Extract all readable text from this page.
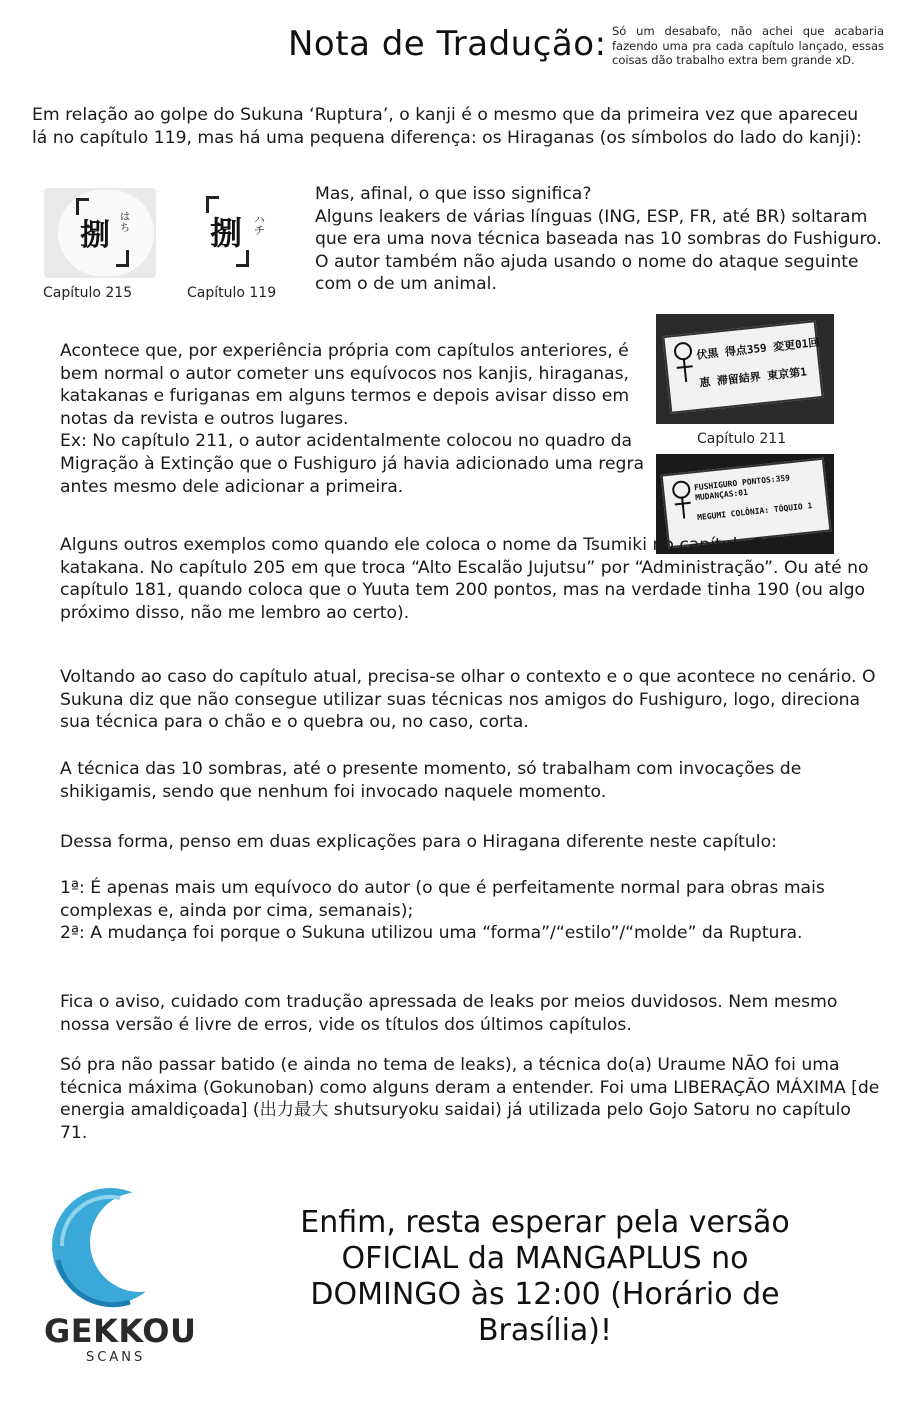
Nota de Tradução: Só um desabafo, não achei que acabaria fazendo uma pra cada capítulo lançado, essas coisas dão trabalho extra bem grande xD.
Em relação ao golpe do Sukuna ‘Ruptura’, o kanji é o mesmo que da primeira vez que apareceu lá no capítulo 119, mas há uma pequena diferença: os Hiraganas (os símbolos do lado do kanji):
捌
はち
Capítulo 215
捌 ハチ
Capítulo 119
Mas, afinal, o que isso significa?
Alguns leakers de várias línguas (ING, ESP, FR, até BR) soltaram que era uma nova técnica baseada nas 10 sombras do Fushiguro. O autor também não ajuda usando o nome do ataque seguinte com o de um animal.
伏黒 得点359 変更01回
恵 滞留結界 東京第1
Capítulo 211
FUSHIGURO PONTOS:359 MUDANÇAS:01
MEGUMI COLÔNIA: TÓQUIO 1
Acontece que, por experiência própria com capítulos anteriores, é bem normal o autor cometer uns equívocos nos kanjis, hiraganas, katakanas e furiganas em alguns termos e depois avisar disso em notas da revista e outros lugares.
Ex: No capítulo 211, o autor acidentalmente colocou no quadro da Migração à Extinção que o Fushiguro já havia adicionado uma regra antes mesmo dele adicionar a primeira.
Alguns outros exemplos como quando ele coloca o nome da Tsumiki no capítulo 212 em katakana. No capítulo 205 em que troca “Alto Escalão Jujutsu” por “Administração”. Ou até no capítulo 181, quando coloca que o Yuuta tem 200 pontos, mas na verdade tinha 190 (ou algo próximo disso, não me lembro ao certo).
Voltando ao caso do capítulo atual, precisa-se olhar o contexto e o que acontece no cenário. O Sukuna diz que não consegue utilizar suas técnicas nos amigos do Fushiguro, logo, direciona sua técnica para o chão e o quebra ou, no caso, corta.
A técnica das 10 sombras, até o presente momento, só trabalham com invocações de shikigamis, sendo que nenhum foi invocado naquele momento.
Dessa forma, penso em duas explicações para o Hiragana diferente neste capítulo:
1ª: É apenas mais um equívoco do autor (o que é perfeitamente normal para obras mais complexas e, ainda por cima, semanais);
2ª: A mudança foi porque o Sukuna utilizou uma “forma”/“estilo”/“molde” da Ruptura.
Fica o aviso, cuidado com tradução apressada de leaks por meios duvidosos. Nem mesmo nossa versão é livre de erros, vide os títulos dos últimos capítulos.
Só pra não passar batido (e ainda no tema de leaks), a técnica do(a) Uraume NÃO foi uma técnica máxima (Gokunoban) como alguns deram a entender. Foi uma LIBERAÇÃO MÁXIMA [de energia amaldiçoada] (出力最大 shutsuryoku saidai) já utilizada pelo Gojo Satoru no capítulo 71.
GEKKOU
SCANS
Enfim, resta esperar pela versão OFICIAL da MANGAPLUS no DOMINGO às 12:00 (Horário de Brasília)!
